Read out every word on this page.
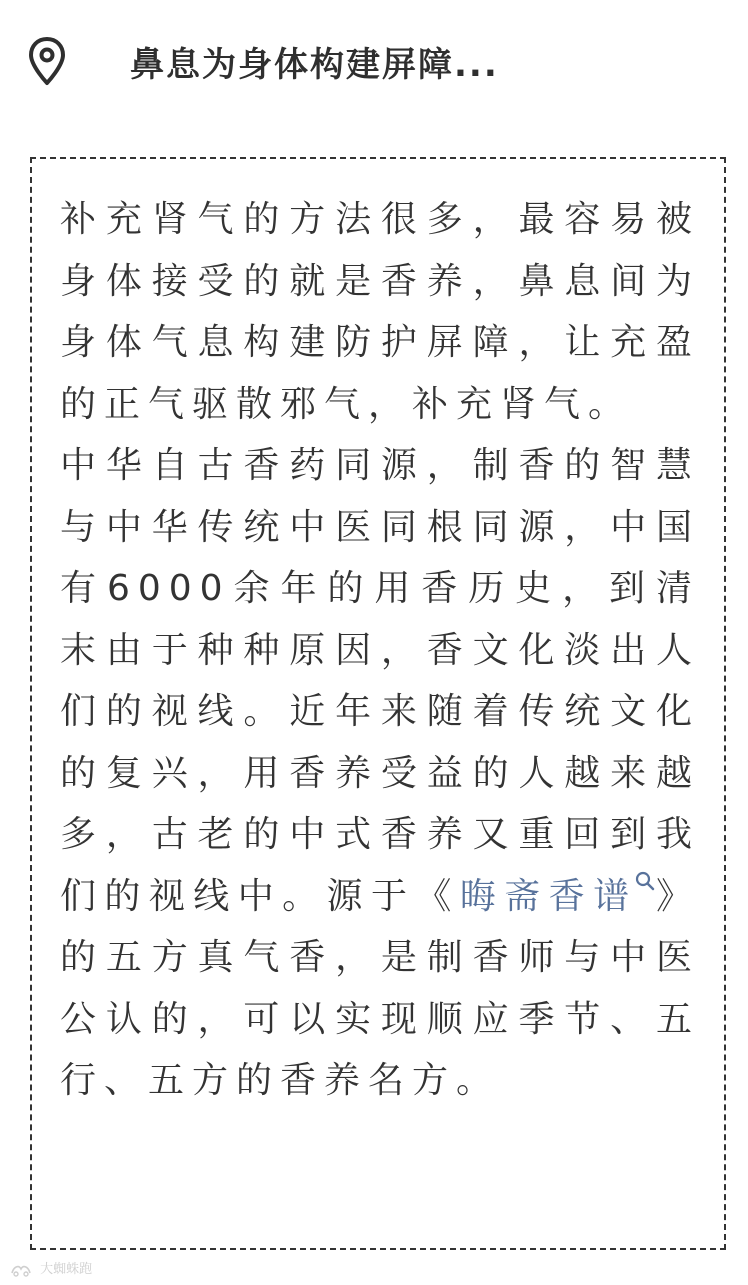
鼻息为身体构建屏障...

补充肾气的方法很多，最容易被身体接受的就是香养，鼻息间为身体气息构建防护屏障，让充盈的正气驱散邪气，补充肾气。

中华自古香药同源，制香的智慧与中华传统中医同根同源，中国有6000余年的用香历史，到清末由于种种原因，香文化淡出人们的视线。近年来随着传统文化的复兴，用香养受益的人越来越多，古老的中式香养又重回到我们的视线中。源于《晦斋香谱 》的五方真气香，是制香师与中医公认的，可以实现顺应季节、五行、五方的香养名方。

大蜘蛛跑
